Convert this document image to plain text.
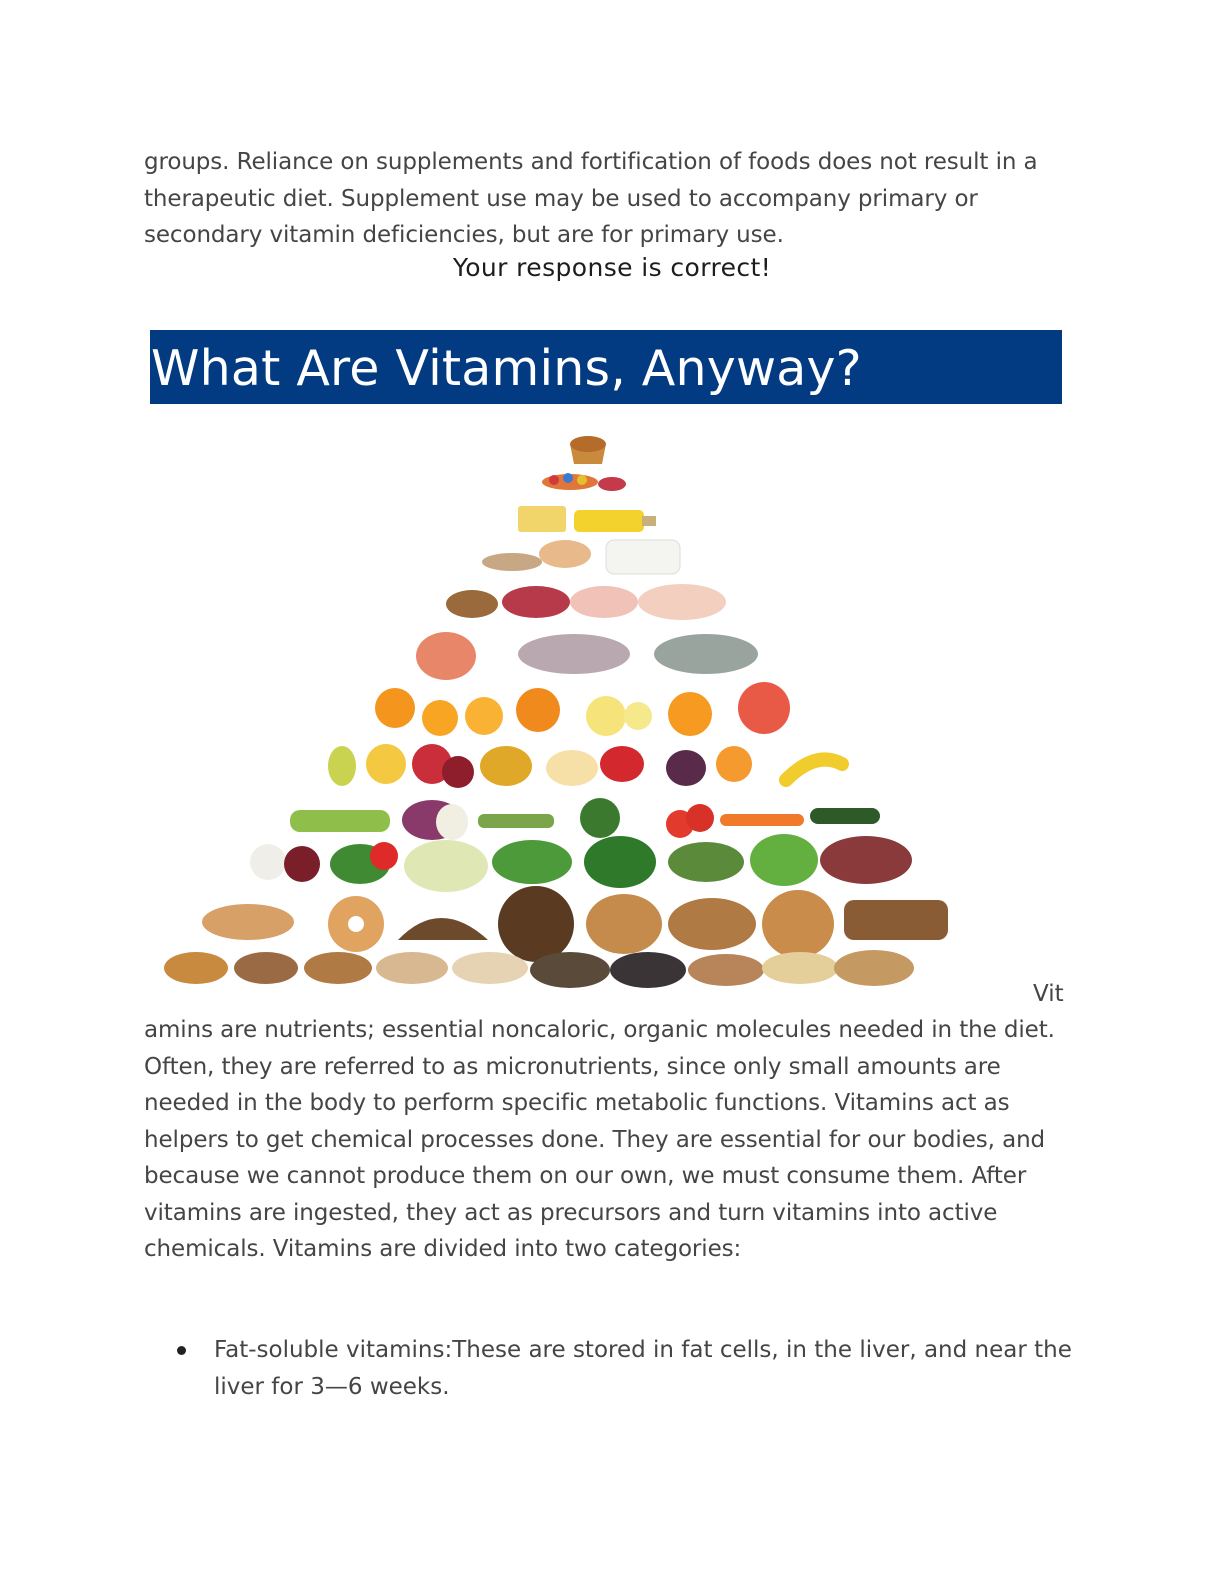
groups. Reliance on supplements and fortification of foods does not result in a therapeutic diet. Supplement use may be used to accompany primary or secondary vitamin deficiencies, but are for primary use.

Your response is correct!
What Are Vitamins, Anyway?
Vit

amins are nutrients; essential noncaloric, organic molecules needed in the diet. Often, they are referred to as micronutrients, since only small amounts are needed in the body to perform specific metabolic functions. Vitamins act as helpers to get chemical processes done. They are essential for our bodies, and because we cannot produce them on our own, we must consume them. After vitamins are ingested, they act as precursors and turn vitamins into active chemicals. Vitamins are divided into two categories:

Fat-soluble vitamins:These are stored in fat cells, in the liver, and near the liver for 3—6 weeks.
